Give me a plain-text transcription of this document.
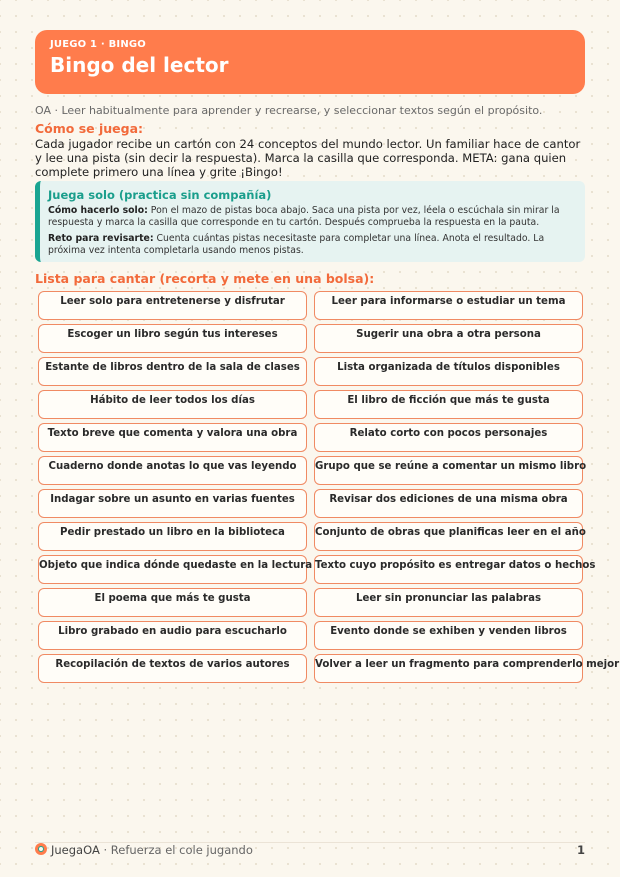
JUEGO 1 · BINGO
Bingo del lector
OA · Leer habitualmente para aprender y recrearse, y seleccionar textos según el propósito.
Cómo se juega:
Cada jugador recibe un cartón con 24 conceptos del mundo lector. Un familiar hace de cantor y lee una pista (sin decir la respuesta). Marca la casilla que corresponda. META: gana quien complete primero una línea y grite ¡Bingo!
Juega solo (practica sin compañía)

Cómo hacerlo solo: Pon el mazo de pistas boca abajo. Saca una pista por vez, léela o escúchala sin mirar la respuesta y marca la casilla que corresponde en tu cartón. Después comprueba la respuesta en la pauta.

Reto para revisarte: Cuenta cuántas pistas necesitaste para completar una línea. Anota el resultado. La próxima vez intenta completarla usando menos pistas.

Lista para cantar (recorta y mete en una bolsa):
Leer solo para entretenerse y disfrutar	Leer para informarse o estudiar un tema
Escoger un libro según tus intereses	Sugerir una obra a otra persona
Estante de libros dentro de la sala de clases	Lista organizada de títulos disponibles
Hábito de leer todos los días	El libro de ficción que más te gusta
Texto breve que comenta y valora una obra	Relato corto con pocos personajes
Cuaderno donde anotas lo que vas leyendo	Grupo que se reúne a comentar un mismo libro
Indagar sobre un asunto en varias fuentes	Revisar dos ediciones de una misma obra
Pedir prestado un libro en la biblioteca	Conjunto de obras que planificas leer en el año
Objeto que indica dónde quedaste en la lectura Texto cuyo propósito es entregar datos o hechos
El poema que más te gusta	Leer sin pronunciar las palabras
Libro grabado en audio para escucharlo	Evento donde se exhiben y venden libros
Recopilación de textos de varios autores	Volver a leer un fragmento para comprenderlo mejor
JuegaOA · Refuerza el cole jugando	1
